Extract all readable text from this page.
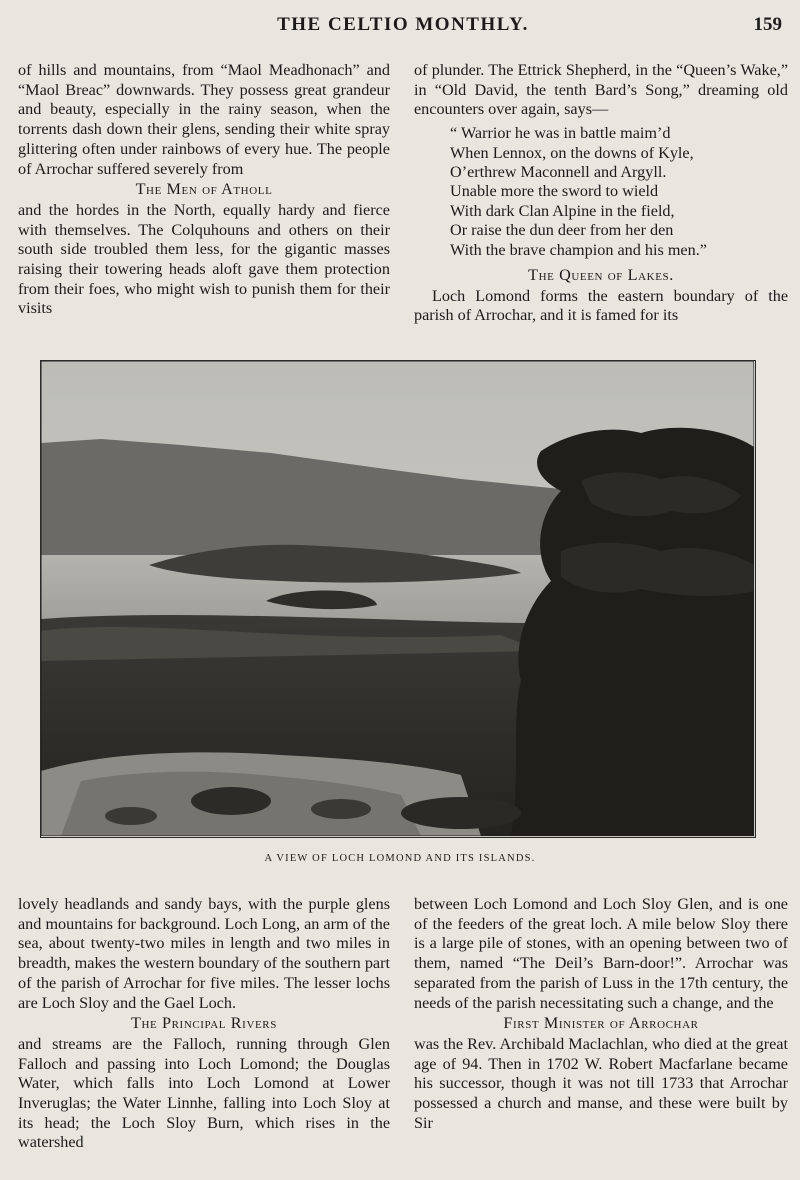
THE CELTIO MONTHLY.	159

of hills and mountains, from “Maol Meadhonach” and “Maol Breac” downwards. They possess great grandeur and beauty, especially in the rainy season, when the torrents dash down their glens, sending their white spray glittering often under rainbows of every hue. The people of Arrochar suffered severely from

The Men of Atholl

and the hordes in the North, equally hardy and fierce with themselves. The Colquhouns and others on their south side troubled them less, for the gigantic masses raising their towering heads aloft gave them protection from their foes, who might wish to punish them for their visits

of plunder. The Ettrick Shepherd, in the “Queen’s Wake,” in “Old David, the tenth Bard’s Song,” dreaming old encounters over again, says—

“ Warrior he was in battle maim’d
When Lennox, on the downs of Kyle,
O’erthrew Maconnell and Argyll.
Unable more the sword to wield
With dark Clan Alpine in the field,
Or raise the dun deer from her den
With the brave champion and his men.”

The Queen of Lakes.

Loch Lomond forms the eastern boundary of the parish of Arrochar, and it is famed for its

A VIEW OF LOCH LOMOND AND ITS ISLANDS.

lovely headlands and sandy bays, with the purple glens and mountains for background. Loch Long, an arm of the sea, about twenty-two miles in length and two miles in breadth, makes the western boundary of the southern part of the parish of Arrochar for five miles. The lesser lochs are Loch Sloy and the Gael Loch.

The Principal Rivers

and streams are the Falloch, running through Glen Falloch and passing into Loch Lomond; the Douglas Water, which falls into Loch Lomond at Lower Inveruglas; the Water Linnhe, falling into Loch Sloy at its head; the Loch Sloy Burn, which rises in the watershed

between Loch Lomond and Loch Sloy Glen, and is one of the feeders of the great loch. A mile below Sloy there is a large pile of stones, with an opening between two of them, named “The Deil’s Barn-door!”. Arrochar was separated from the parish of Luss in the 17th century, the needs of the parish necessitating such a change, and the

First Minister of Arrochar

was the Rev. Archibald Maclachlan, who died at the great age of 94. Then in 1702 W. Robert Macfarlane became his successor, though it was not till 1733 that Arrochar possessed a church and manse, and these were built by Sir
